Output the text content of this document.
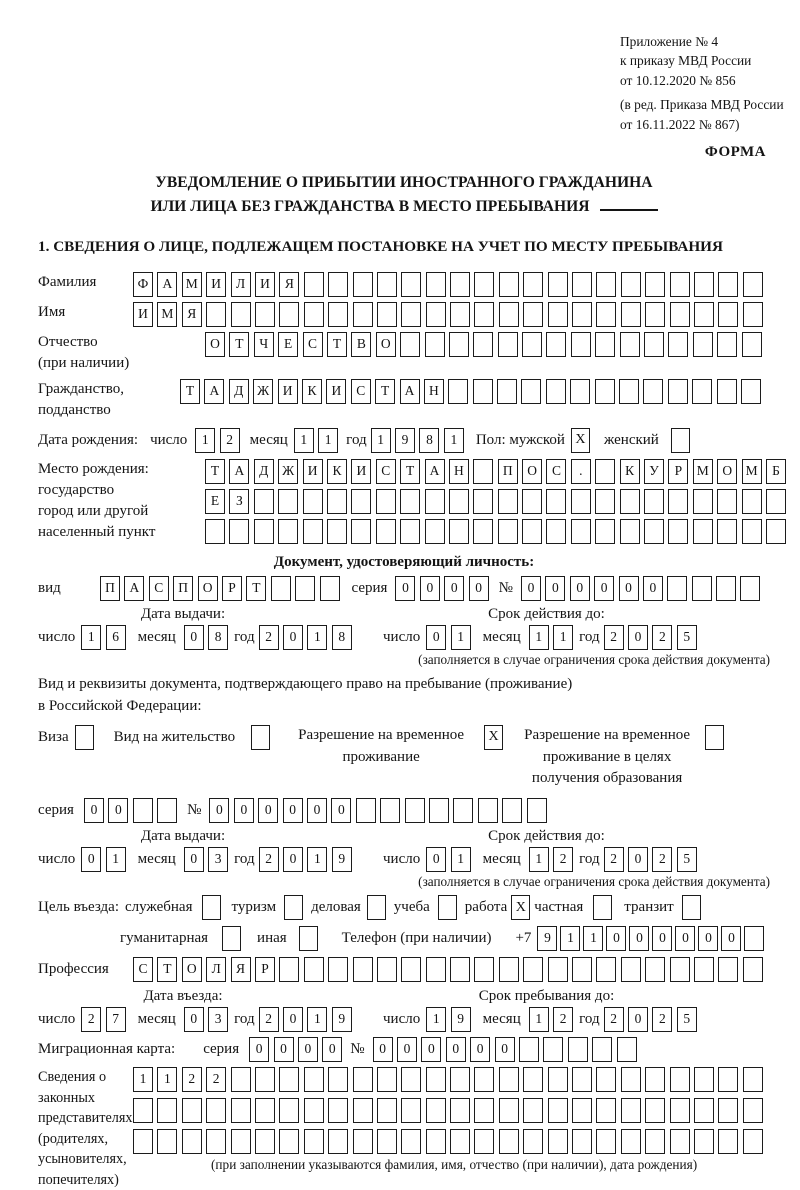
Приложение № 4
к приказу МВД России
от 10.12.2020 № 856
(в ред. Приказа МВД России
от 16.11.2022 № 867)
ФОРМА
УВЕДОМЛЕНИЕ О ПРИБЫТИИ ИНОСТРАННОГО ГРАЖДАНИНА
ИЛИ ЛИЦА БЕЗ ГРАЖДАНСТВА В МЕСТО ПРЕБЫВАНИЯ
1. СВЕДЕНИЯ О ЛИЦЕ, ПОДЛЕЖАЩЕМ ПОСТАНОВКЕ НА УЧЕТ ПО МЕСТУ ПРЕБЫВАНИЯ
Фамилия	Ф	А	М	И	Л	И	Я
Имя	И	М	Я
Отчество
(при наличии)
О	Т	Ч	Е	С	Т	В	О
Гражданство,
подданство
Т	А	Д	Ж И	К	И	С	Т	А	Н
Дата рождения: число	1	2	месяц 1	1 год 1	9	8	1	Пол: мужской X женский
Место рождения:
государство
город или другой
населенный пункт
Т	А	Д	Ж И	К	И	С	Т	А	Н	П	О	С	.	К	У	Р	М	О	М	Б
Е	З
Документ, удостоверяющий личность:
вид	П	А	С	П	О	Р	Т	серия	0	0	0	0	№	0	0	0	0	0	0
Дата выдачи:
число 1	6	месяц	0	8 год 2	0	1	8
Срок действия до:
число 0	1	месяц	1	1 год 2	0	2	5
(заполняется в случае ограничения срока действия документа)
Вид и реквизиты документа, подтверждающего право на пребывание (проживание)
в Российской Федерации:
Виза	Вид на жительство	Разрешение на временное проживание
X	Разрешение на временное проживание в целях получения образования
серия	0	0	№	0	0	0	0	0	0
Дата выдачи:
число 0	1	месяц	0	3 год 2	0	1	9
Срок действия до:
число 0	1	месяц	1	2 год 2	0	2	5
(заполняется в случае ограничения срока действия документа)
Цель въезда: служебная	туризм деловая учеба работа X частная	транзит
гуманитарная	иная	Телефон (при наличии) +7 9	1	1	0	0	0	0	0	0
Профессия	С	Т	О	Л	Я	Р
Дата въезда:
число 2	7	месяц	0	3 год 2	0	1	9
Срок пребывания до:
число 1	9	месяц	1	2 год 2	0	2	5
Миграционная карта: серия	0	0	0	0 №	0	0	0	0	0	0
Сведения о
законных
представителях
(родителях,
усыновителях,
попечителях)
1	1	2	2
(при заполнении указываются фамилия, имя, отчество (при наличии), дата рождения)
